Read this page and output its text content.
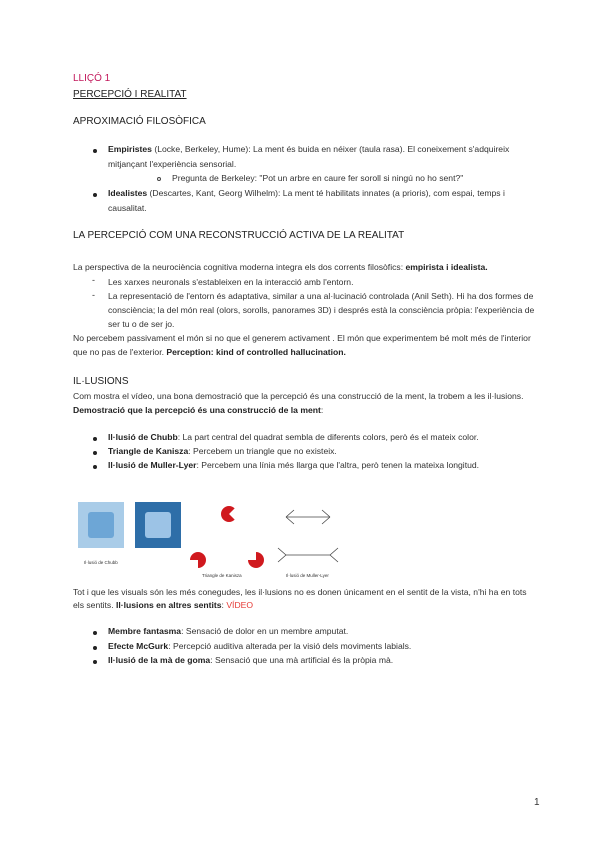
LLIÇÓ 1
PERCEPCIÓ I REALITAT
APROXIMACIÓ FILOSÒFICA
Empiristes (Locke, Berkeley, Hume): La ment és buida en néixer (taula rasa). El coneixement s'adquireix
mitjançant l'experiència sensorial.
Pregunta de Berkeley: "Pot un arbre en caure fer soroll si ningú no ho sent?"
Idealistes (Descartes, Kant, Georg Wilhelm): La ment té habilitats innates (a prioris), com espai, temps i
causalitat.
LA PERCEPCIÓ COM UNA RECONSTRUCCIÓ ACTIVA DE LA REALITAT
La perspectiva de la neurociència cognitiva moderna integra els dos corrents filosòfics: empirista i idealista.
- Les xarxes neuronals s'estableixen en la interacció amb l'entorn.
- La representació de l'entorn és adaptativa, similar a una al·lucinació controlada (Anil Seth). Hi ha dos formes de
consciència; la del món real (olors, sorolls, panorames 3D) i després està la consciència pròpia: l'experiència de
ser tu o de ser jo.
No percebem passivament el món si no que el generem activament . El món que experimentem bé molt més de l'interior
que no pas de l'exterior. Perception: kind of controlled hallucination.
IL·LUSIONS
Com mostra el vídeo, una bona demostració que la percepció és una construcció de la ment, la trobem a les il·lusions.
Demostració que la percepció és una construcció de la ment:
Il·lusió de Chubb: La part central del quadrat sembla de diferents colors, però és el mateix color.
Triangle de Kanisza: Percebem un triangle que no existeix.
Il·lusió de Muller-Lyer: Percebem una línia més llarga que l'altra, però tenen la mateixa longitud.
Il·lusió de Chubb
Triangle de Kanisza	Il·lusió de Muller-Lyer
Tot i que les visuals són les més conegudes, les il·lusions no es donen únicament en el sentit de la vista, n'hi ha en tots
els sentits. Il·lusions en altres sentits: VÍDEO
Membre fantasma: Sensació de dolor en un membre amputat.
Efecte McGurk: Percepció auditiva alterada per la visió dels moviments labials.
Il·lusió de la mà de goma: Sensació que una mà artificial és la pròpia mà.
1
